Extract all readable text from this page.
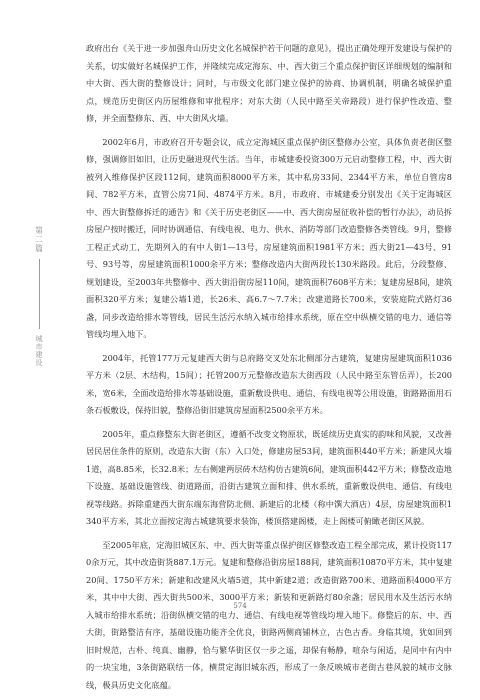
第二篇
城市建设

政府出台《关于进一步加强舟山历史文化名城保护若干问题的意见》，提出正确处理开发建设与保护的关系，切实做好名城保护工作，并隆续完成定海东、中、西大街三个重点保护街区详细规划的编制和中大街、西大街的整修设计；同时，与市级文化部门建立保护的协商、协调机制，明确名城保护重点，规范历史街区内历屋维修和审批程序；对东大街（人民中路至关帝路段）进行保护性改造、整修，并全面整修东、西、中大街风火墙。

2002年6月，市政府召开专题会议，成立定海城区重点保护街区整修办公室，具体负责老街区整修，强调修旧如旧，让历史融进现代生活。当年，市城建委投资300万元启动整修工程，中、西大街被列入维修保护区段112间，建筑面积8000平方米，其中私房33间、2344平方米，单位自管房8间、782平方米，直管公房71间、4874平方米。8月，市政府、市城建委分别发出《关于定海城区中、西大街整修拆迁的通告》和《关于历史老街区——中、西大街房屋征收补偿的暂行办法》，动员拆房屋户按时搬迁，同时协调通信、有线电视、电力、供水、消防等部门改造整修各类管线。9月，整修工程正式动工，先期列入的有中人街1—13号，房屋建筑面积1981平方米；西大街21—43号、91号、93号等，房屋建筑面积1000余平方米；整修改造内大街两段长130米路段。此后，分段整修、规划建设，至2003年共整修中、西大街沿街房屋110间，建筑面积7608平方米；复建房屋8间，建筑面积320平方米；复建公墙1道，长26米、高6.7～7.7米；改建道路长700米，安装庭院式路灯36盏，同步改造给排水等管线，居民生活污水纳入城市给排水系统，原在空中纵横交错的电力、通信等管线均埋入地下。

2004年，托管177万元复建西大街与总府路交叉处东北侧部分古建筑，复建房屋建筑面积1036平方米（2层、木结构，15间）；托管200万元整修改造东大街西段（人民中路至东管岳弄），长200米，宽6米，全面改造给排水等基础设施，重新敷设供电、通信、有线电视等公用设施，街路路面用石条石板敷设，保持旧貌，整修沿街旧建筑房屋面积2500余平方米。

2005年，重点修整东大街老街区，遵循不改变文物原状，既延续历史真实的韵味和风貌，又改善居民居住条件的原则，改造东大街（东）入口处，修建房屋53间，建筑面积440平方米；新建风火墙1道，高8.85米，长32.8米；左右侧建两层砖木结构仿古建筑6间，建筑面积442平方米；修整改造地下设施、基础设施管线、街道路面，沿街古建筑立面和排、供水系统，重新敷设供电、通信、有线电视等线路。拆除重建西大街东端东海营防北侧、新建后的北楼（称中馔大酒店）4层，房屋建筑面积1340平方米，其北立面按定海古城建筑要求装饰，楼顶搭建阁楼，走上阁楼可俯瞰老街区风貌。

至2005年底，定海旧城区东、中、西大街等重点保护街区修整改造工程全部完成，累计投资1170余万元，其中改造街货887.1万元。复建和整修沿街房屋188间，建筑面积10870平方米，其中复建20间、1750平方米；新建和改建风火墙5道，其中新建2道；改造街路700米、道路面积4000平方米，其中中大街、西大街共500米、3000平方米；新装和更新路灯80余盏；居民用水及生活污水纳入城市给排水系统；沿街纵横交错的电力、通信、有线电视等管线均埋入地下。修整后的东、中、西大街，街路整洁有序，基础设施功能齐全优良，街路两侧商铺林立，古色古香。身临其境，犹如回到旧时规范，古朴、纯真、幽静，恰与繁华街区仅一步之遥，却保有畅静，喧杂与闲适，是同中有内中的一块宝地，3条街路联结一体，横贯定海旧城东西，形成了一条反映城市老街古巷风貌的城市文脉线，极具历史文化底蕴。

574
